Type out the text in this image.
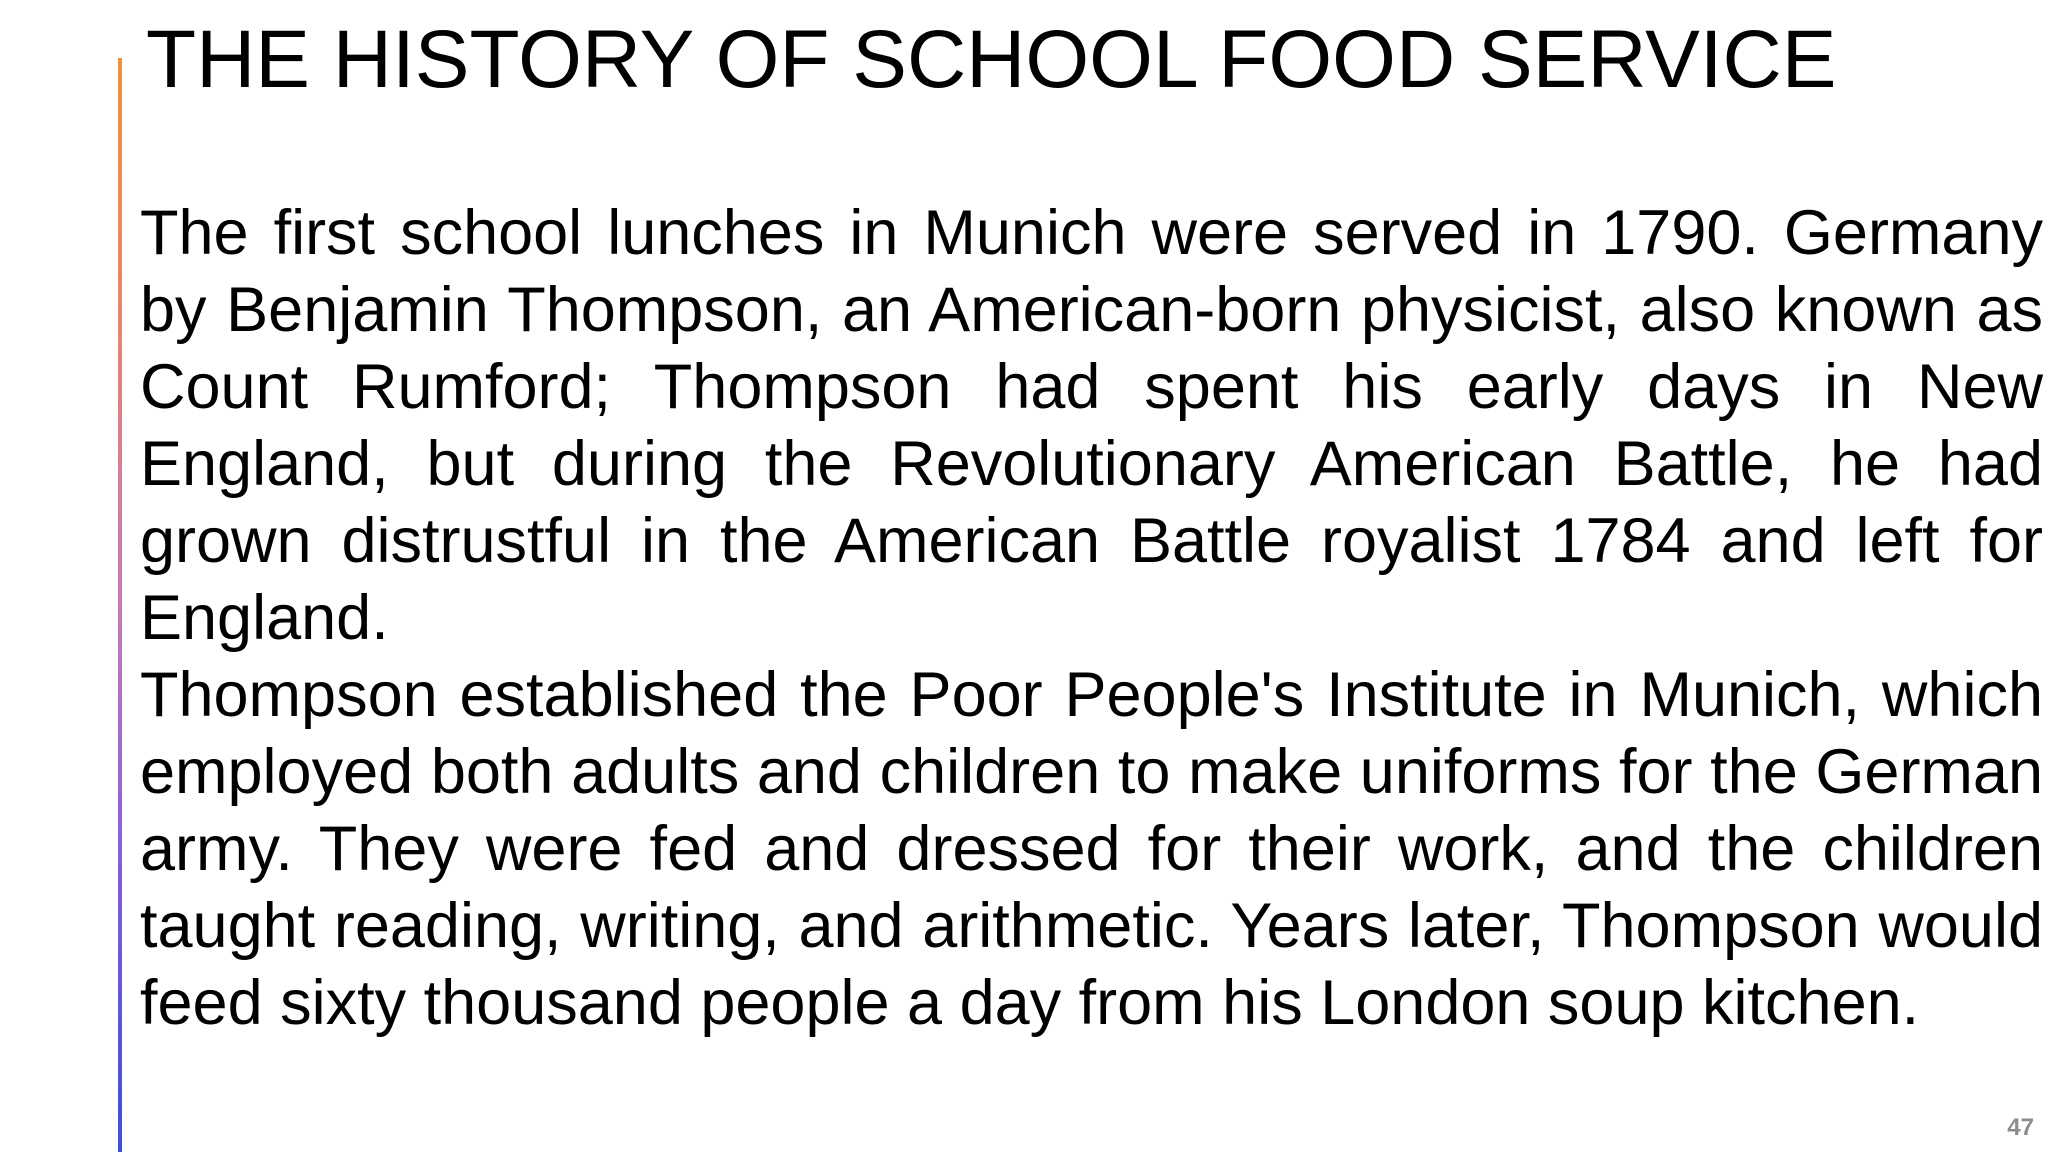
THE HISTORY OF SCHOOL FOOD SERVICE

The first school lunches in Munich were served in 1790. Germany by Benjamin Thompson, an American-born physicist, also known as Count Rumford; Thompson had spent his early days in New England, but during the Revolutionary American Battle, he had grown distrustful in the American Battle royalist 1784 and left for England.

Thompson established the Poor People's Institute in Munich, which employed both adults and children to make uniforms for the German army. They were fed and dressed for their work, and the children taught reading, writing, and arithmetic. Years later, Thompson would feed sixty thousand people a day from his London soup kitchen.

47
